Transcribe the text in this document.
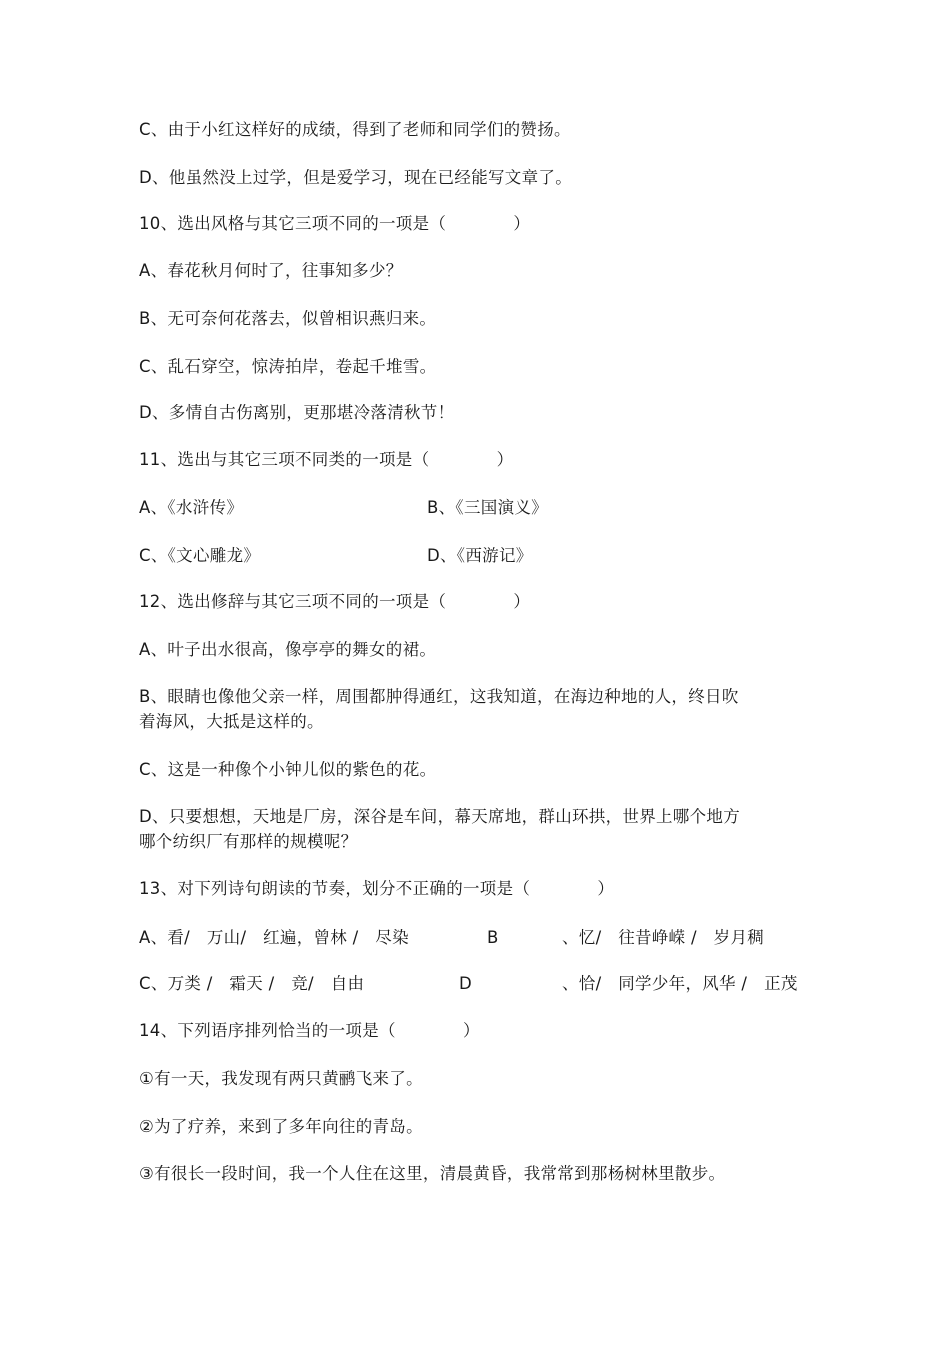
C、由于小红这样好的成绩，得到了老师和同学们的赞扬。
D、他虽然没上过学，但是爱学习，现在已经能写文章了。
10、选出风格与其它三项不同的一项是（　　　　）
A、春花秋月何时了，往事知多少？
B、无可奈何花落去，似曾相识燕归来。
C、乱石穿空，惊涛拍岸，卷起千堆雪。
D、多情自古伤离别，更那堪冷落清秋节！
11、选出与其它三项不同类的一项是（　　　　）
A、《水浒传》	B、《三国演义》
C、《文心雕龙》	D、《西游记》
12、选出修辞与其它三项不同的一项是（　　　　）
A、叶子出水很高，像亭亭的舞女的裙。
B、眼睛也像他父亲一样，周围都肿得通红，这我知道，在海边种地的人，终日吹
着海风，大抵是这样的。
C、这是一种像个小钟儿似的紫色的花。
D、只要想想，天地是厂房，深谷是车间，幕天席地，群山环拱，世界上哪个地方
哪个纺织厂有那样的规模呢？
13、对下列诗句朗读的节奏，划分不正确的一项是（　　　　）
A、看/　万山/　红遍，曾林 /　尽染	B	、忆/　往昔峥嵘 /　岁月稠
C、万类 /　霜天 /　竞/　自由	D	、恰/　同学少年，风华 /　正茂
14、下列语序排列恰当的一项是（　　　　）
①有一天，我发现有两只黄鹂飞来了。
②为了疗养，来到了多年向往的青岛。
③有很长一段时间，我一个人住在这里，清晨黄昏，我常常到那杨树林里散步。
